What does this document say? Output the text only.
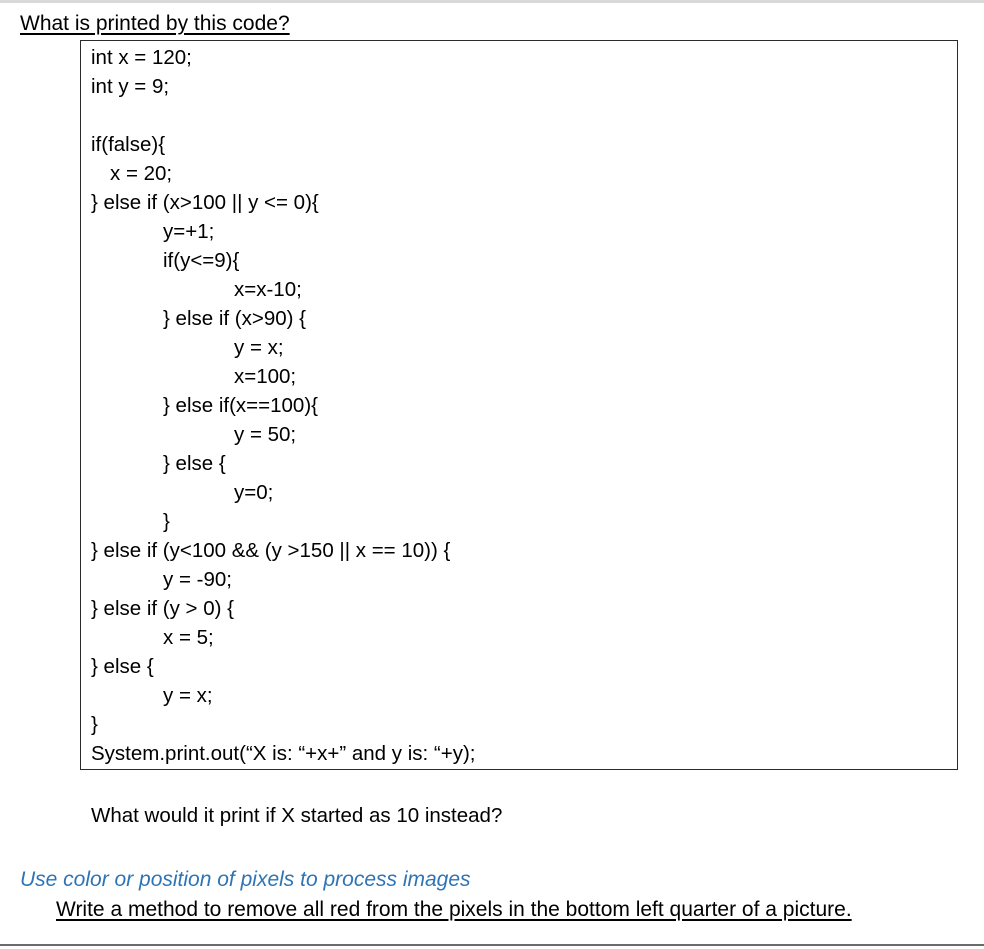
What is printed by this code?
int x = 120;
int y = 9;
if(false){
x = 20;
} else if (x>100 || y <= 0){
y=+1;
if(y<=9){
x=x-10;
} else if (x>90) {
y = x;
x=100;
} else if(x==100){
y = 50;
} else {
y=0;
}
} else if (y<100 && (y >150 || x == 10)) {
y = -90;
} else if (y > 0) {
x = 5;
} else {
y = x;
}
System.print.out(“X is: “+x+” and y is: “+y);
What would it print if X started as 10 instead?
Use color or position of pixels to process images
Write a method to remove all red from the pixels in the bottom left quarter of a picture.
